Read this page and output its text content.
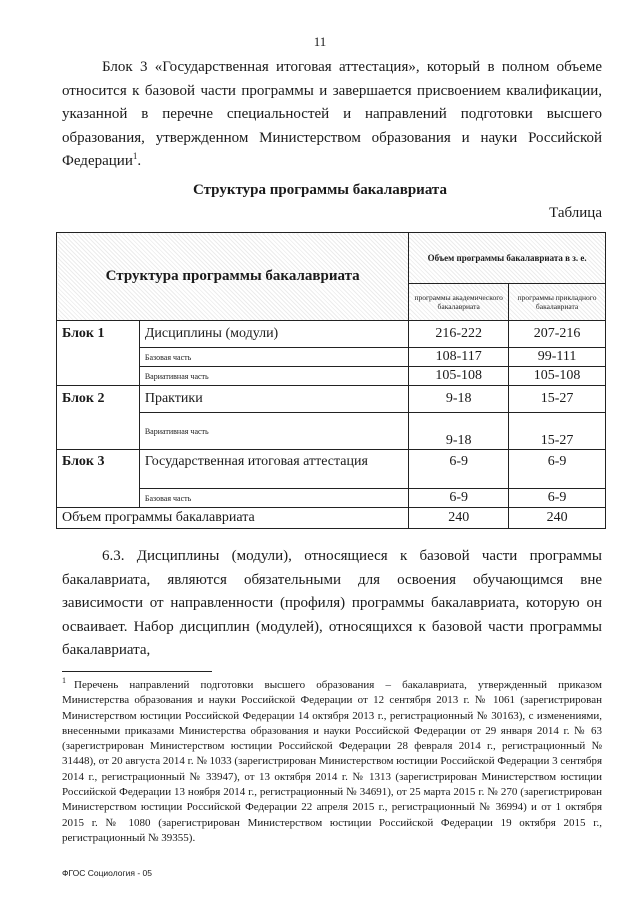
11
Блок 3 «Государственная итоговая аттестация», который в полном объеме относится к базовой части программы и завершается присвоением квалификации, указанной в перечне специальностей и направлений подготовки высшего образования, утвержденном Министерством образования и науки Российской Федерации$^1$.
Структура программы бакалавриата
Таблица
Структура программы бакалавриата		Объем программы бакалавриата в з. е.	
		программы академического бакалавриата	программы прикладного бакалавриата
Блок 1	Дисциплины (модули)	216-222	207-216
	Базовая часть	108-117	99-111
	Вариативная часть	105-108	105-108
Блок 2	Практики	9-18	15-27
	Вариативная часть	9-18	15-27
Блок 3	Государственная итоговая аттестация	6-9	6-9
	Базовая часть	6-9	6-9
Объем программы бакалавриата		240	240
6.3. Дисциплины (модули), относящиеся к базовой части программы бакалавриата, являются обязательными для освоения обучающимся вне зависимости от направленности (профиля) программы бакалавриата, которую он осваивает. Набор дисциплин (модулей), относящихся к базовой части программы бакалавриата,
$^1$ Перечень направлений подготовки высшего образования – бакалавриата, утвержденный приказом Министерства образования и науки Российской Федерации от 12 сентября 2013 г. № 1061 (зарегистрирован Министерством юстиции Российской Федерации 14 октября 2013 г., регистрационный № 30163), с изменениями, внесенными приказами Министерства образования и науки Российской Федерации от 29 января 2014 г. № 63 (зарегистрирован Министерством юстиции Российской Федерации 28 февраля 2014 г., регистрационный № 31448), от 20 августа 2014 г. № 1033 (зарегистрирован Министерством юстиции Российской Федерации 3 сентября 2014 г., регистрационный № 33947), от 13 октября 2014 г. № 1313 (зарегистрирован Министерством юстиции Российской Федерации 13 ноября 2014 г., регистрационный № 34691), от 25 марта 2015 г. № 270 (зарегистрирован Министерством юстиции Российской Федерации 22 апреля 2015 г., регистрационный № 36994) и от 1 октября 2015 г. № 1080 (зарегистрирован Министерством юстиции Российской Федерации 19 октября 2015 г., регистрационный № 39355).
ФГОС Социология - 05
